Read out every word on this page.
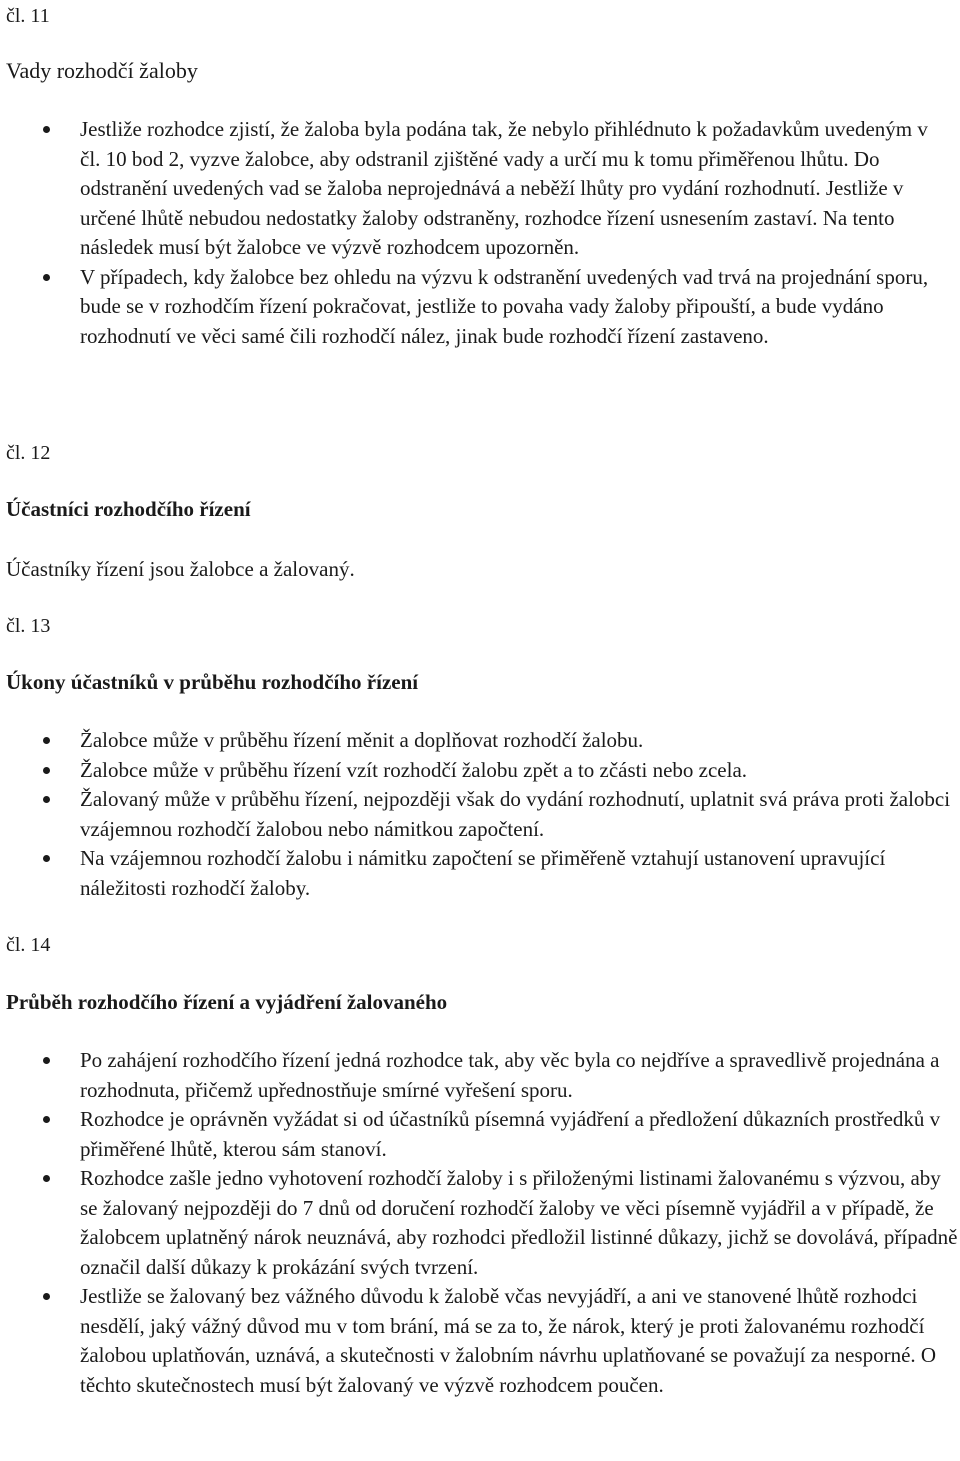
čl. 11
Vady rozhodčí žaloby
Jestliže rozhodce zjistí, že žaloba byla podána tak, že nebylo přihlédnuto k požadavkům uvedeným v čl. 10 bod 2, vyzve žalobce, aby odstranil zjištěné vady a určí mu k tomu přiměřenou lhůtu. Do odstranění uvedených vad se žaloba neprojednává a neběží lhůty pro vydání rozhodnutí. Jestliže v určené lhůtě nebudou nedostatky žaloby odstraněny, rozhodce řízení usnesením zastaví. Na tento následek musí být žalobce ve výzvě rozhodcem upozorněn.
V případech, kdy žalobce bez ohledu na výzvu k odstranění uvedených vad trvá na projednání sporu, bude se v rozhodčím řízení pokračovat, jestliže to povaha vady žaloby připouští, a bude vydáno rozhodnutí ve věci samé čili rozhodčí nález, jinak bude rozhodčí řízení zastaveno.
čl. 12
Účastníci rozhodčího řízení
Účastníky řízení jsou žalobce a žalovaný.
čl. 13
Úkony účastníků v průběhu rozhodčího řízení
Žalobce může v průběhu řízení měnit a doplňovat rozhodčí žalobu.
Žalobce může v průběhu řízení vzít rozhodčí žalobu zpět a to zčásti nebo zcela.
Žalovaný může v průběhu řízení, nejpozději však do vydání rozhodnutí, uplatnit svá práva proti žalobci vzájemnou rozhodčí žalobou nebo námitkou započtení.
Na vzájemnou rozhodčí žalobu i námitku započtení se přiměřeně vztahují ustanovení upravující náležitosti rozhodčí žaloby.
čl. 14
Průběh rozhodčího řízení a vyjádření žalovaného
Po zahájení rozhodčího řízení jedná rozhodce tak, aby věc byla co nejdříve a spravedlivě projednána a rozhodnuta, přičemž upřednostňuje smírné vyřešení sporu.
Rozhodce je oprávněn vyžádat si od účastníků písemná vyjádření a předložení důkazních prostředků v přiměřené lhůtě, kterou sám stanoví.
Rozhodce zašle jedno vyhotovení rozhodčí žaloby i s přiloženými listinami žalovanému s výzvou, aby se žalovaný nejpozději do 7 dnů od doručení rozhodčí žaloby ve věci písemně vyjádřil a v případě, že žalobcem uplatněný nárok neuznává, aby rozhodci předložil listinné důkazy, jichž se dovolává, případně označil další důkazy k prokázání svých tvrzení.
Jestliže se žalovaný bez vážného důvodu k žalobě včas nevyjádří, a ani ve stanovené lhůtě rozhodci nesdělí, jaký vážný důvod mu v tom brání, má se za to, že nárok, který je proti žalovanému rozhodčí žalobou uplatňován, uznává, a skutečnosti v žalobním návrhu uplatňované se považují za nesporné. O těchto skutečnostech musí být žalovaný ve výzvě rozhodcem poučen.
